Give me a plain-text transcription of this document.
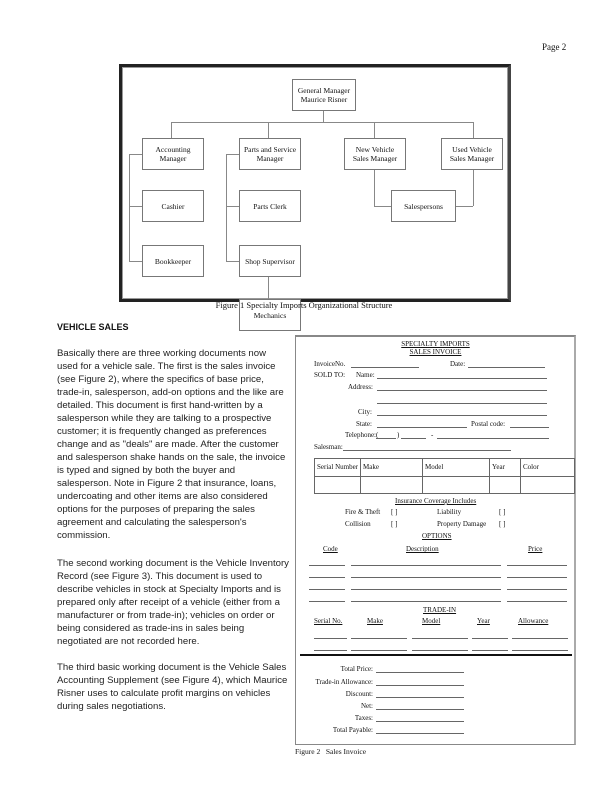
Page 2
General Manager
Maurice Risner
Accounting
Manager
Parts and Service
Manager
New Vehicle
Sales Manager
Used Vehicle
Sales Manager
Cashier
Bookkeeper
Parts Clerk
Shop Supervisor
Mechanics
Salespersons
Figure 1 Specialty Imports Organizational Structure
VEHICLE SALES
Basically there are three working documents now used for a vehicle sale. The first is the sales invoice (see Figure 2), where the specifics of base price, trade-in, salesperson, add-on options and the like are detailed. This document is first hand-written by a salesperson while they are talking to a prospective customer; it is frequently changed as preferences change and as "deals" are made. After the customer and salesperson shake hands on the sale, the invoice is typed and signed by both the buyer and salesperson. Note in Figure 2 that insurance, loans, undercoating and other items are also considered options for the purposes of preparing the sales agreement and calculating the salesperson's commission.
The second working document is the Vehicle Inventory Record (see Figure 3). This document is used to describe vehicles in stock at Specialty Imports and is prepared only after receipt of a vehicle (either from a manufacturer or from trade-in); vehicles on order or being considered as trade-ins in sales being negotiated are not recorded here.
The third basic working document is the Vehicle Sales Accounting Supplement (see Figure 4), which Maurice Risner uses to calculate profit margins on vehicles during sales negotiations.
SPECIALTY IMPORTS
SALES INVOICE
InvoiceNo.	Date:
SOLD TO: Name:
Address:
City:
State:	Postal code:
Telephone:(	)	-
Salesman:
Serial Number Make	Model	Year	Color
Insurance Coverage Includes
Fire & Theft [ ]	Liability	[ ]
Collision	[ ]	Property Damage [ ]
OPTIONS
Code	Description	Price
TRADE-IN
Serial No.	Make	Model	Year	Allowance
Total Price:
Trade-in Allowance:
Discount:
Net:
Taxes:
Total Payable:
Figure 2   Sales Invoice
